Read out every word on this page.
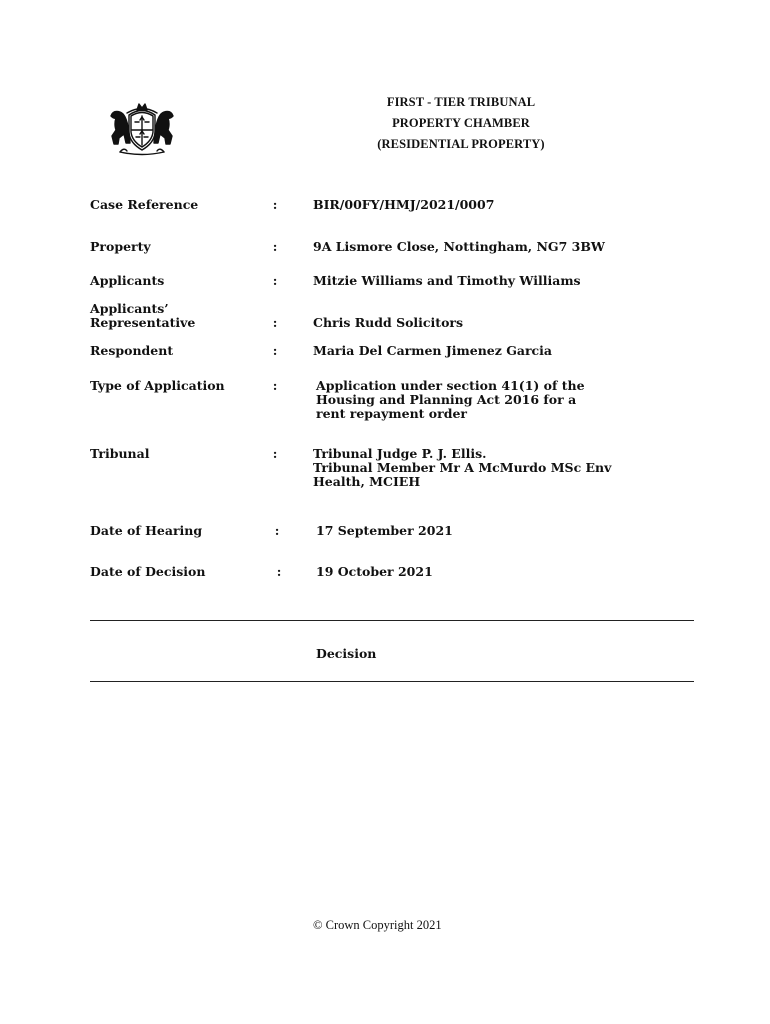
FIRST - TIER TRIBUNAL
PROPERTY CHAMBER
(RESIDENTIAL PROPERTY)
Case Reference	:	BIR/00FY/HMJ/2021/0007
Property	:	9A Lismore Close, Nottingham, NG7 3BW
Applicants	:	Mitzie Williams and Timothy Williams
Applicants’
Representative	:	Chris Rudd Solicitors
Respondent	:	Maria Del Carmen Jimenez Garcia
Type of Application	:	Application under section 41(1) of the
Housing and Planning Act 2016 for a
rent repayment order
Tribunal	:	Tribunal Judge P. J. Ellis.
Tribunal Member Mr A McMurdo MSc Env
Health, MCIEH
Date of Hearing	:	17 September 2021
Date of Decision	:	19 October 2021
Decision
© Crown Copyright 2021
